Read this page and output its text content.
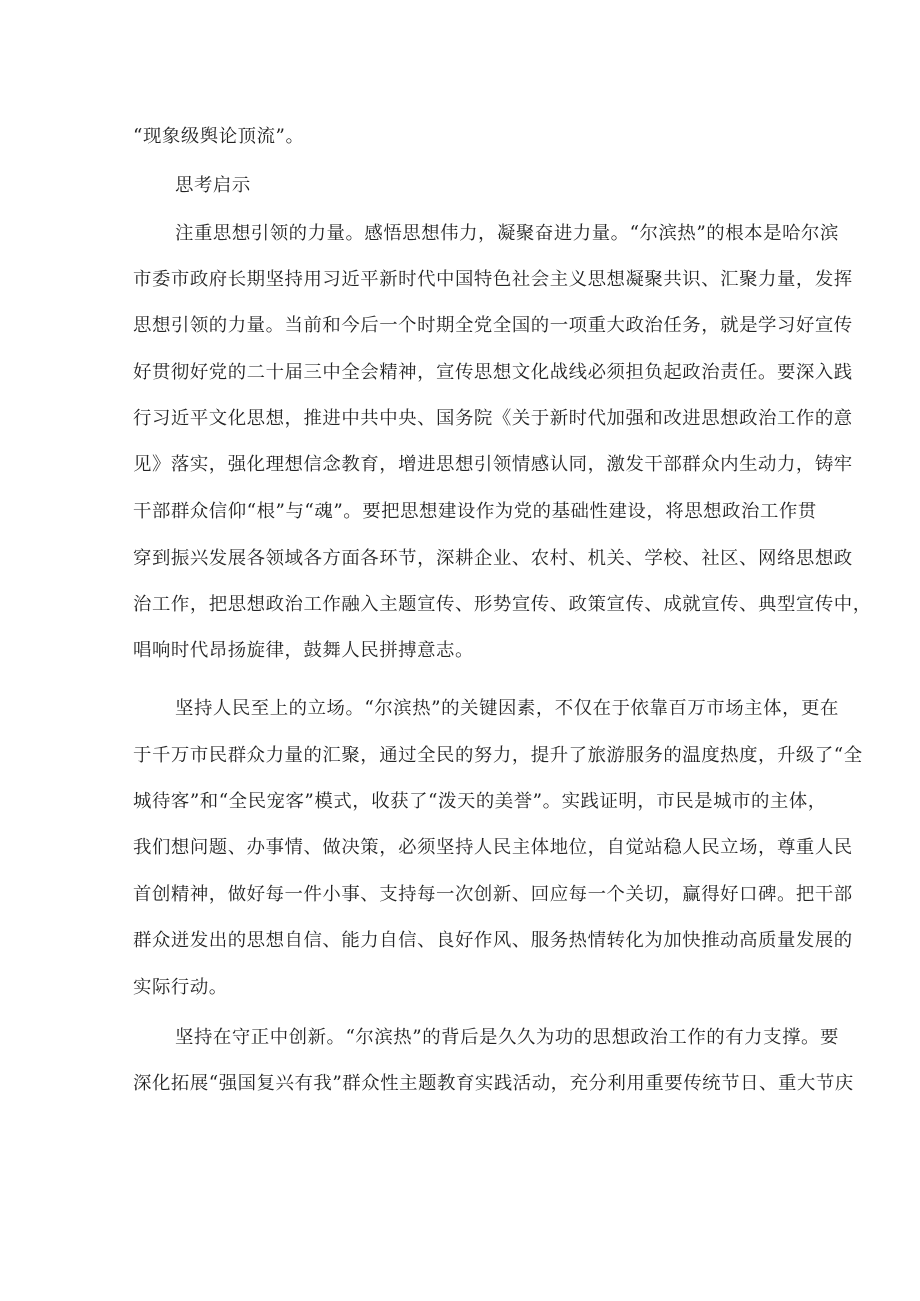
“现象级舆论顶流”。
思考启示
注重思想引领的力量。感悟思想伟力，凝聚奋进力量。“尔滨热”的根本是哈尔滨
市委市政府长期坚持用习近平新时代中国特色社会主义思想凝聚共识、汇聚力量，发挥
思想引领的力量。当前和今后一个时期全党全国的一项重大政治任务，就是学习好宣传
好贯彻好党的二十届三中全会精神，宣传思想文化战线必须担负起政治责任。要深入践
行习近平文化思想，推进中共中央、国务院《关于新时代加强和改进思想政治工作的意
见》落实，强化理想信念教育，增进思想引领情感认同，激发干部群众内生动力，铸牢
干部群众信仰“根”与“魂”。要把思想建设作为党的基础性建设，将思想政治工作贯
穿到振兴发展各领域各方面各环节，深耕企业、农村、机关、学校、社区、网络思想政
治工作，把思想政治工作融入主题宣传、形势宣传、政策宣传、成就宣传、典型宣传中，
唱响时代昂扬旋律，鼓舞人民拼搏意志。
坚持人民至上的立场。“尔滨热”的关键因素，不仅在于依靠百万市场主体，更在
于千万市民群众力量的汇聚，通过全民的努力，提升了旅游服务的温度热度，升级了“全
城待客”和“全民宠客”模式，收获了“泼天的美誉”。实践证明，市民是城市的主体，
我们想问题、办事情、做决策，必须坚持人民主体地位，自觉站稳人民立场，尊重人民
首创精神，做好每一件小事、支持每一次创新、回应每一个关切，赢得好口碑。把干部
群众迸发出的思想自信、能力自信、良好作风、服务热情转化为加快推动高质量发展的
实际行动。
坚持在守正中创新。“尔滨热”的背后是久久为功的思想政治工作的有力支撑。要
深化拓展“强国复兴有我”群众性主题教育实践活动，充分利用重要传统节日、重大节庆
